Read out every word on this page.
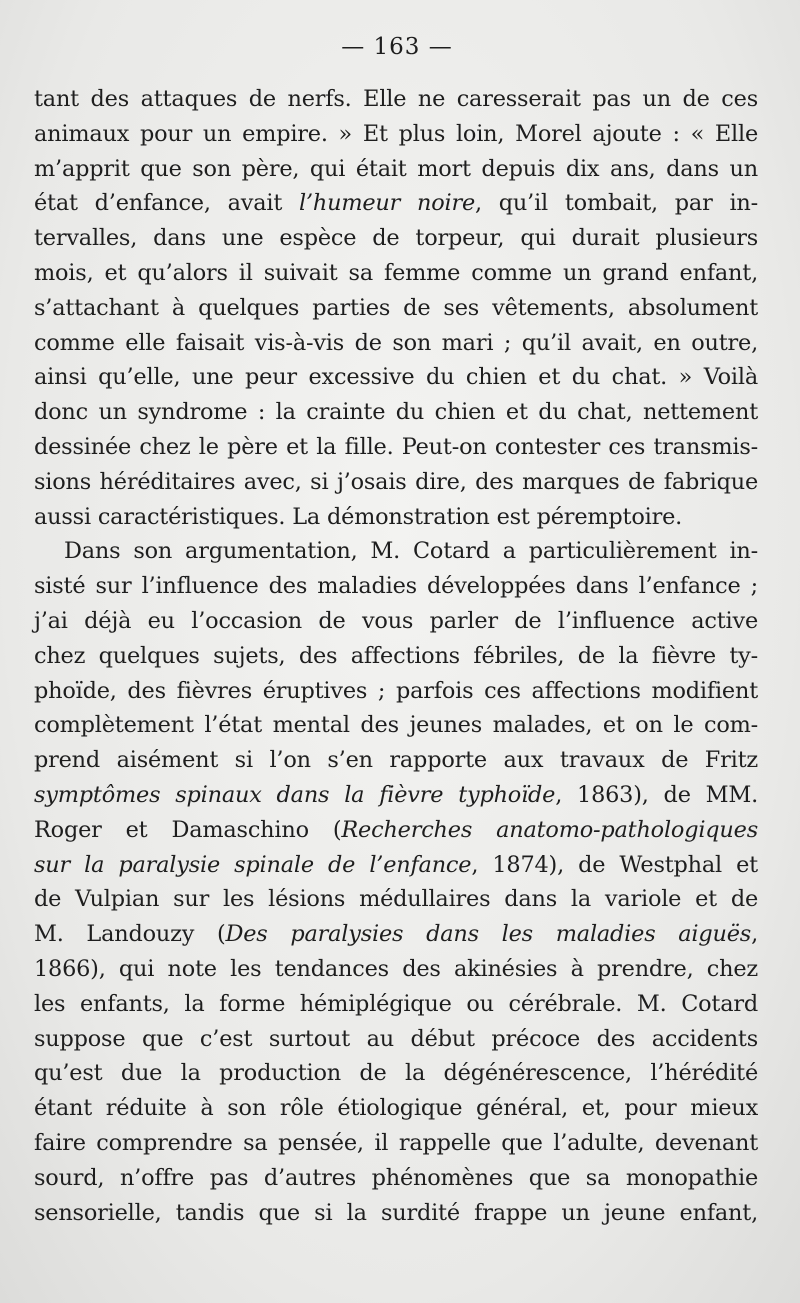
— 163 —
tant des attaques de nerfs. Elle ne caresserait pas un de ces
animaux pour un empire. » Et plus loin, Morel ajoute : « Elle
m’apprit que son père, qui était mort depuis dix ans, dans un
état d’enfance, avait l’humeur noire, qu’il tombait, par in-
tervalles, dans une espèce de torpeur, qui durait plusieurs
mois, et qu’alors il suivait sa femme comme un grand enfant,
s’attachant à quelques parties de ses vêtements, absolument
comme elle faisait vis-à-vis de son mari ; qu’il avait, en outre,
ainsi qu’elle, une peur excessive du chien et du chat. » Voilà
donc un syndrome : la crainte du chien et du chat, nettement
dessinée chez le père et la fille. Peut-on contester ces transmis-
sions héréditaires avec, si j’osais dire, des marques de fabrique
aussi caractéristiques. La démonstration est péremptoire.
Dans son argumentation, M. Cotard a particulièrement in-
sisté sur l’influence des maladies développées dans l’enfance ;
j’ai déjà eu l’occasion de vous parler de l’influence active
chez quelques sujets, des affections fébriles, de la fièvre ty-
phoïde, des fièvres éruptives ; parfois ces affections modifient
complètement l’état mental des jeunes malades, et on le com-
prend aisément si l’on s’en rapporte aux travaux de Fritz
symptômes spinaux dans la fièvre typhoïde, 1863), de MM.
Roger et Damaschino (Recherches anatomo-pathologiques
sur la paralysie spinale de l’enfance, 1874), de Westphal et
de Vulpian sur les lésions médullaires dans la variole et de
M. Landouzy (Des paralysies dans les maladies aiguës,
1866), qui note les tendances des akinésies à prendre, chez
les enfants, la forme hémiplégique ou cérébrale. M. Cotard
suppose que c’est surtout au début précoce des accidents
qu’est due la production de la dégénérescence, l’hérédité
étant réduite à son rôle étiologique général, et, pour mieux
faire comprendre sa pensée, il rappelle que l’adulte, devenant
sourd, n’offre pas d’autres phénomènes que sa monopathie
sensorielle, tandis que si la surdité frappe un jeune enfant,
